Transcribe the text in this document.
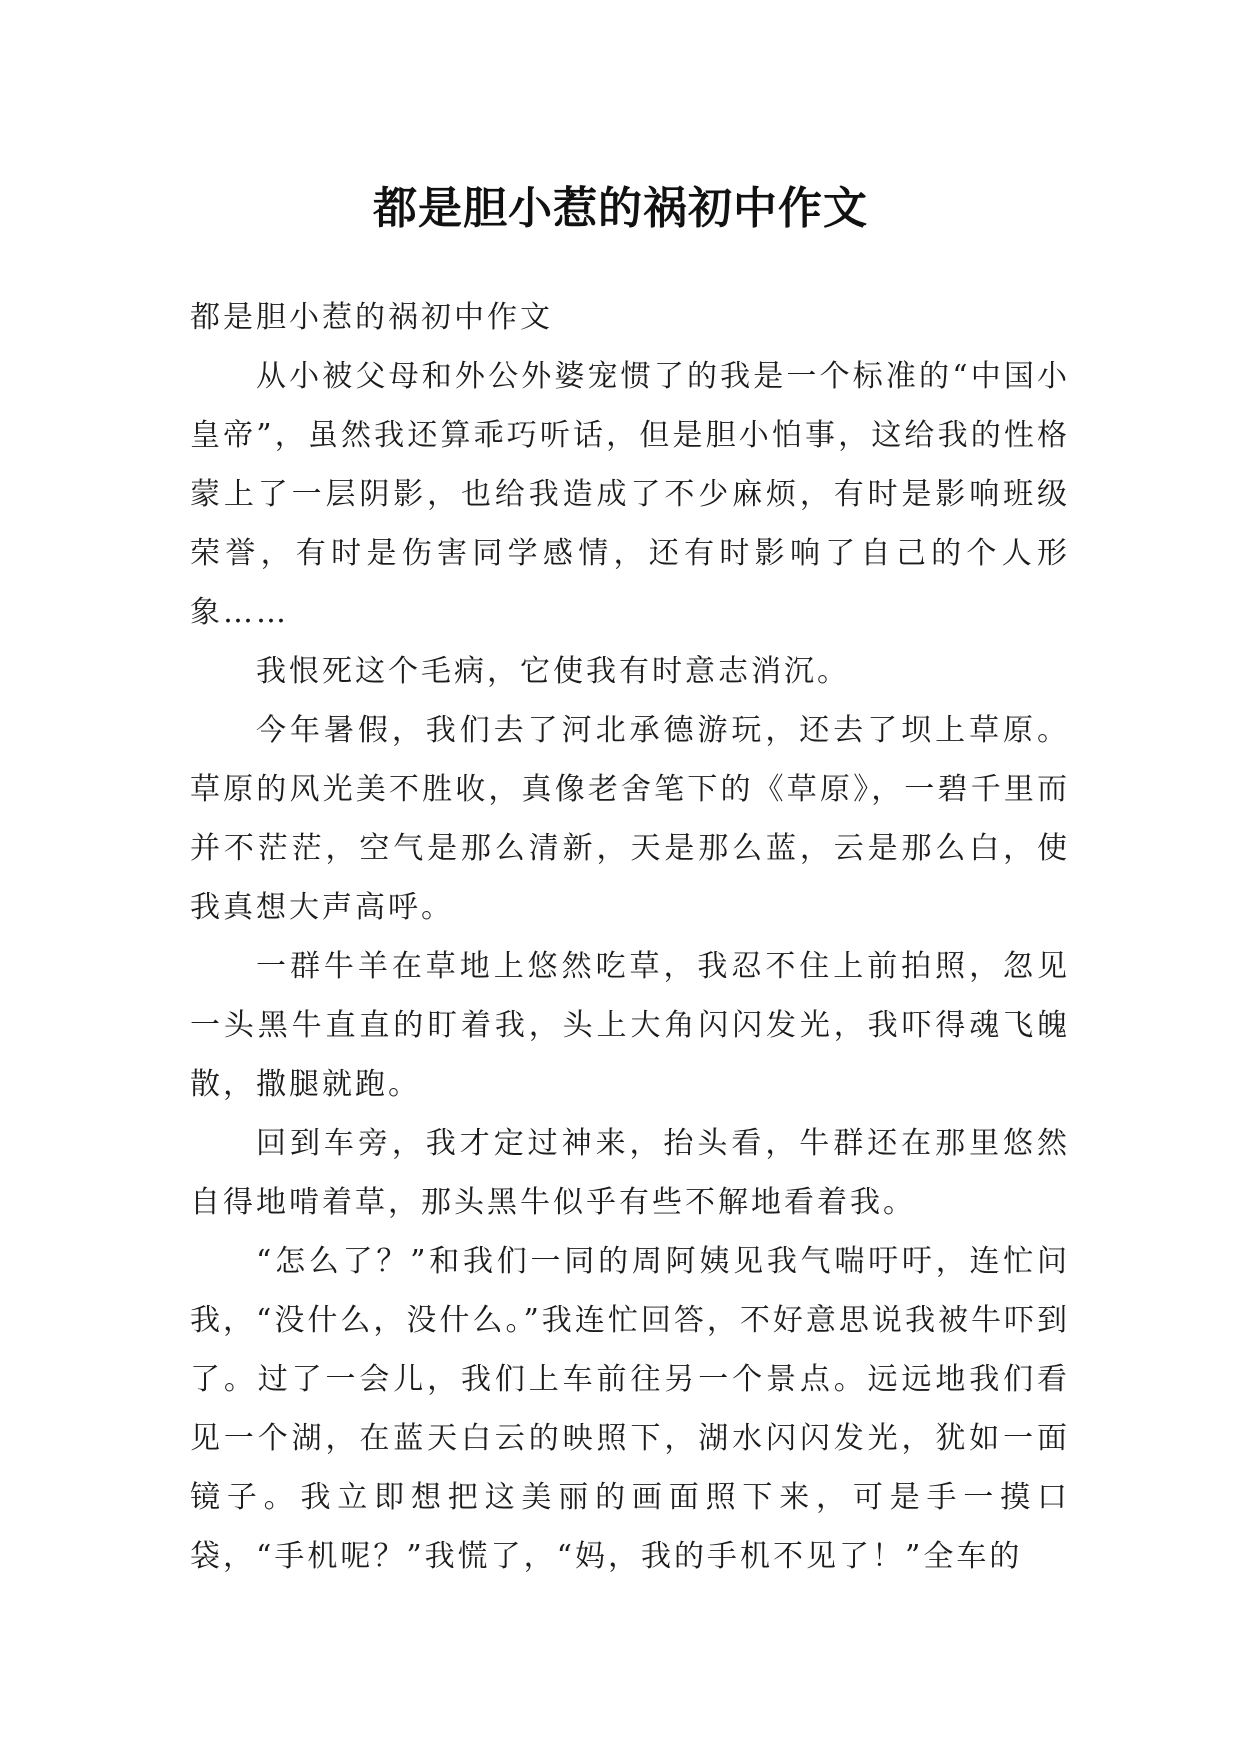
都是胆小惹的祸初中作文

都是胆小惹的祸初中作文

从小被父母和外公外婆宠惯了的我是一个标准的“中国小皇帝”，虽然我还算乖巧听话，但是胆小怕事，这给我的性格蒙上了一层阴影，也给我造成了不少麻烦，有时是影响班级荣誉，有时是伤害同学感情，还有时影响了自己的个人形象……

我恨死这个毛病，它使我有时意志消沉。

今年暑假，我们去了河北承德游玩，还去了坝上草原。草原的风光美不胜收，真像老舍笔下的《草原》，一碧千里而并不茫茫，空气是那么清新，天是那么蓝，云是那么白，使我真想大声高呼。

一群牛羊在草地上悠然吃草，我忍不住上前拍照，忽见一头黑牛直直的盯着我，头上大角闪闪发光，我吓得魂飞魄散，撒腿就跑。

回到车旁，我才定过神来，抬头看，牛群还在那里悠然自得地啃着草，那头黑牛似乎有些不解地看着我。

“怎么了？”和我们一同的周阿姨见我气喘吁吁，连忙问我，“没什么，没什么。”我连忙回答，不好意思说我被牛吓到了。过了一会儿，我们上车前往另一个景点。远远地我们看见一个湖，在蓝天白云的映照下，湖水闪闪发光，犹如一面镜子。我立即想把这美丽的画面照下来，可是手一摸口袋，“手机呢？”我慌了，“妈，我的手机不见了！”全车的
